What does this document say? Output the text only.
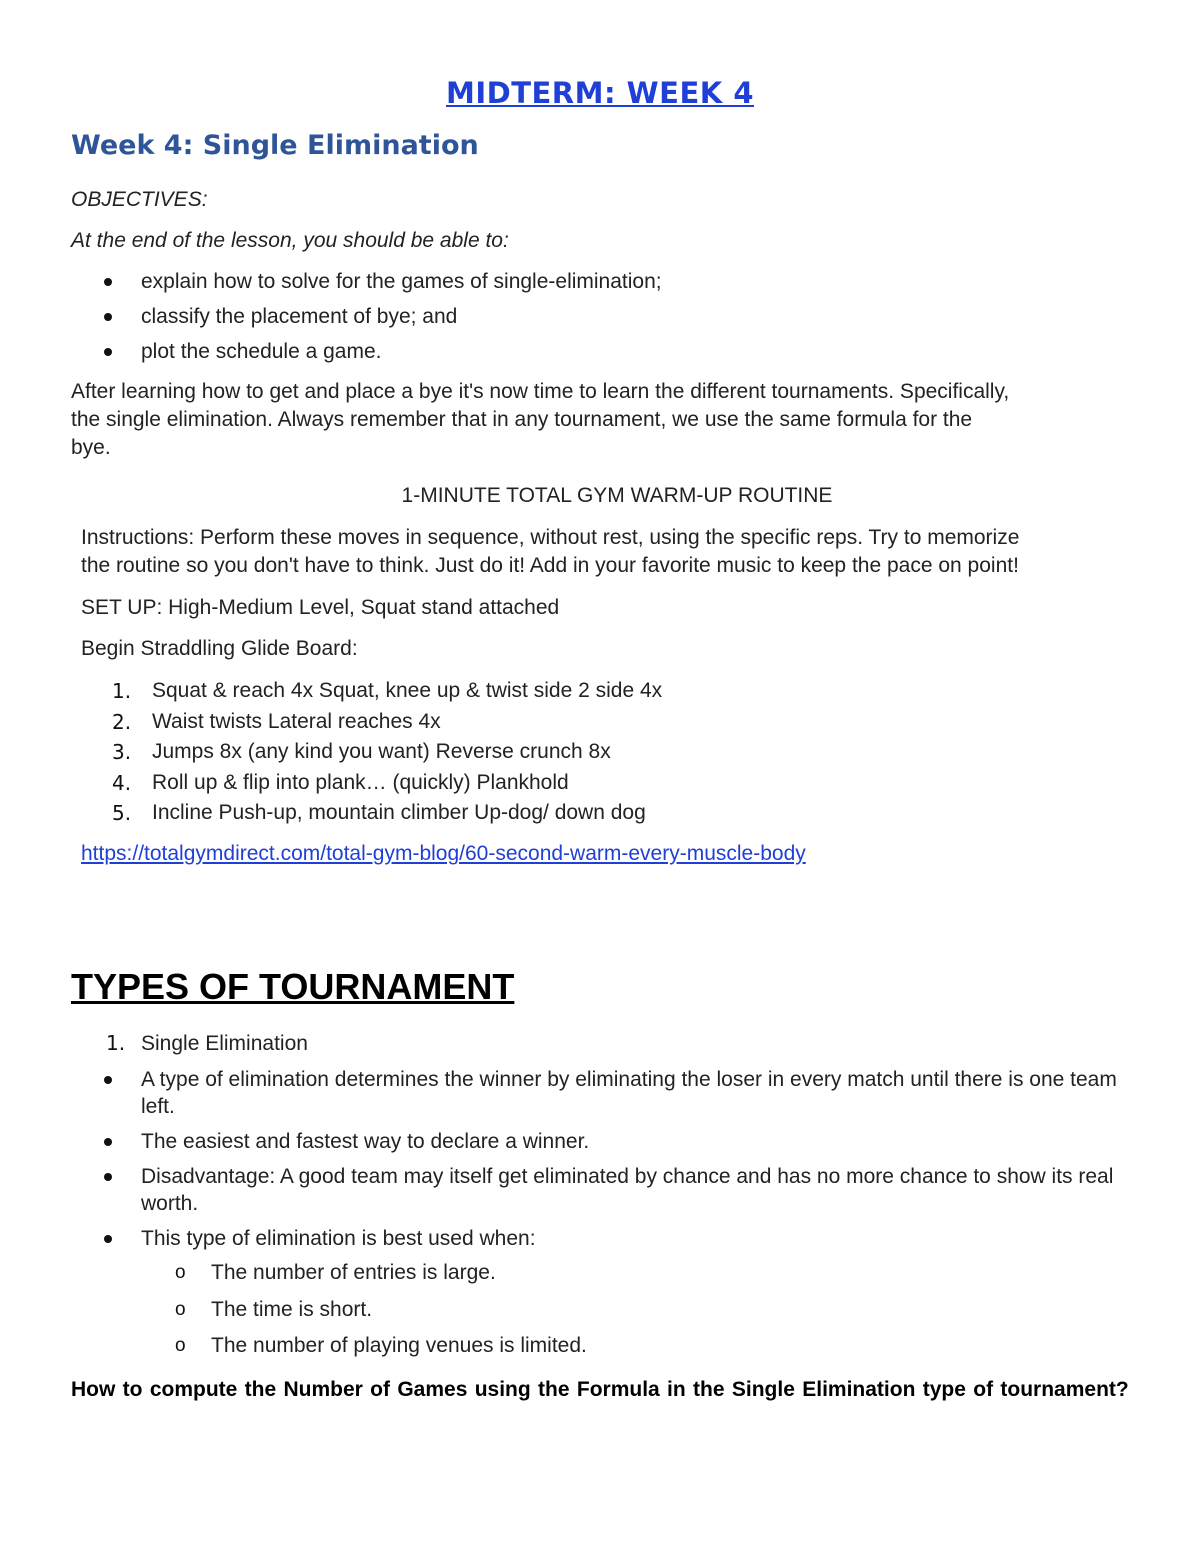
MIDTERM: WEEK 4
Week 4: Single Elimination
OBJECTIVES:
At the end of the lesson, you should be able to:
explain how to solve for the games of single-elimination;
classify the placement of bye; and
plot the schedule a game.
After learning how to get and place a bye it's now time to learn the different tournaments. Specifically,
the single elimination. Always remember that in any tournament, we use the same formula for the
bye.
1-MINUTE TOTAL GYM WARM-UP ROUTINE
Instructions: Perform these moves in sequence, without rest, using the specific reps. Try to memorize
the routine so you don't have to think. Just do it! Add in your favorite music to keep the pace on point!
SET UP: High-Medium Level, Squat stand attached
Begin Straddling Glide Board:
1. Squat & reach 4x Squat, knee up & twist side 2 side 4x
2. Waist twists Lateral reaches 4x
3. Jumps 8x (any kind you want) Reverse crunch 8x
4. Roll up & flip into plank… (quickly) Plankhold
5. Incline Push-up, mountain climber Up-dog/ down dog
https://totalgymdirect.com/total-gym-blog/60-second-warm-every-muscle-body
TYPES OF TOURNAMENT
1. Single Elimination
A type of elimination determines the winner by eliminating the loser in every match until there is one team left.
The easiest and fastest way to declare a winner.
Disadvantage: A good team may itself get eliminated by chance and has no more chance to show its real worth.
This type of elimination is best used when:
o The number of entries is large.
o The time is short.
o The number of playing venues is limited.
How to compute the Number of Games using the Formula in the Single Elimination type of tournament?
